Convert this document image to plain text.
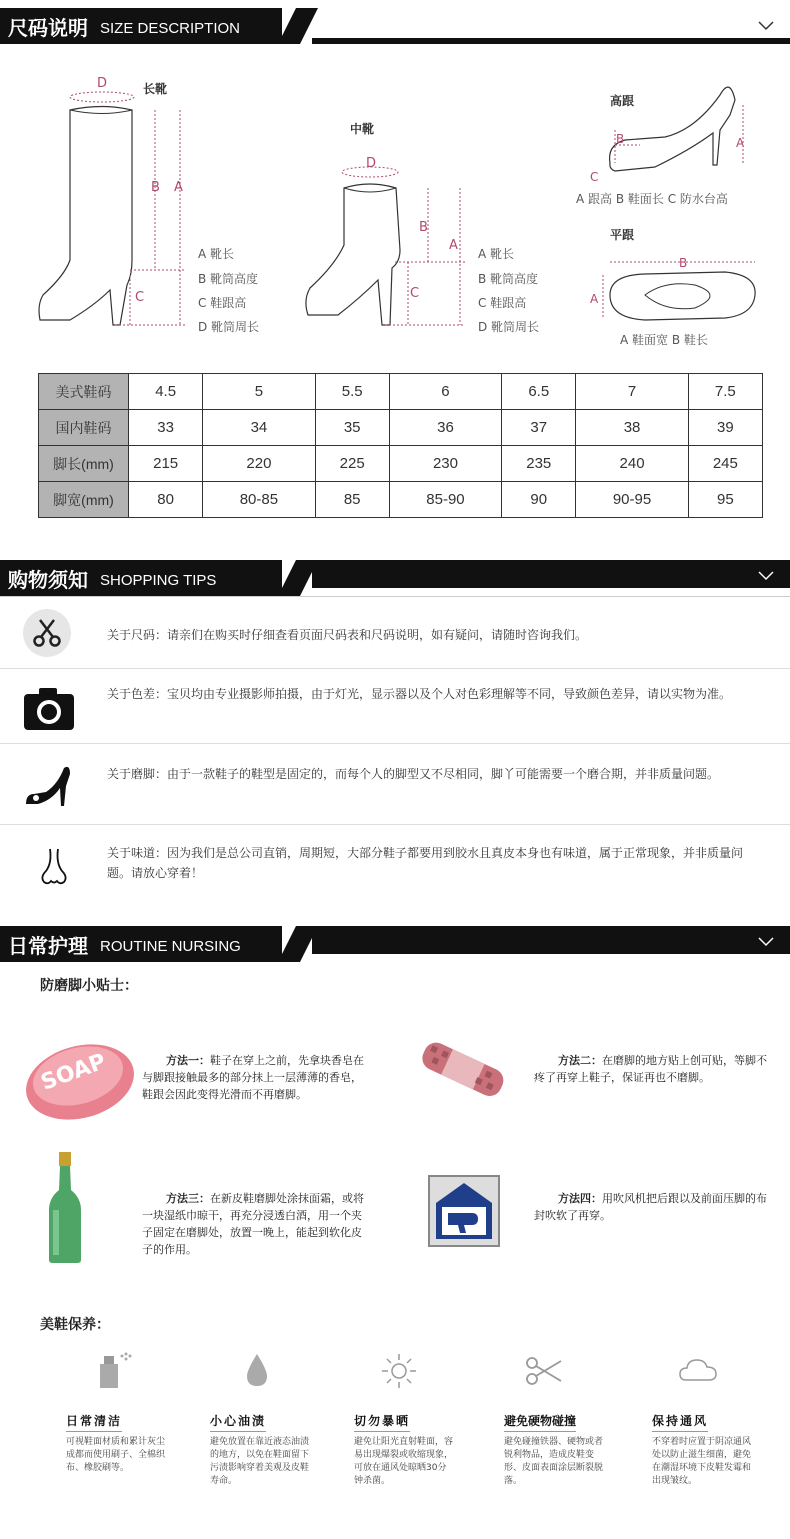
尺码说明 SIZE DESCRIPTION
长靴
D
B A
C
A 靴长
B 靴筒高度
C 鞋跟高
D 靴筒周长
中靴
D
B
A
C
A 靴长
B 靴筒高度
C 鞋跟高
D 靴筒周长
高跟
B	A
C
A 跟高 B 鞋面长 C 防水台高
平跟
B
A
A 鞋面宽 B 鞋长
美式鞋码	4.5	5	5.5	6	6.5	7	7.5
国内鞋码	33	34	35	36	37	38	39
脚长(mm)	215	220	225	230	235	240	245
脚宽(mm)	80	80-85	85	85-90	90	90-95	95
购物须知 SHOPPING TIPS
关于尺码：请亲们在购买时仔细查看页面尺码表和尺码说明，如有疑问，请随时咨询我们。
关于色差：宝贝均由专业摄影师拍摄，由于灯光，显示器以及个人对色彩理解等不同，导致颜色差异，请以实物为准。
关于磨脚：由于一款鞋子的鞋型是固定的，而每个人的脚型又不尽相同，脚丫可能需要一个磨合期，并非质量问题。
关于味道：因为我们是总公司直销，周期短，大部分鞋子都要用到胶水且真皮本身也有味道，属于正常现象，并非质量问题。请放心穿着！
日常护理 ROUTINE NURSING
防磨脚小贴士：
SOAP	方法一：鞋子在穿上之前，先拿块香皂在与脚跟接触最多的部分抹上一层薄薄的香皂，鞋跟会因此变得光滑而不再磨脚。
方法二：在磨脚的地方贴上创可贴，等脚不疼了再穿上鞋子，保证再也不磨脚。
方法三：在新皮鞋磨脚处涂抹面霜，或将一块湿纸巾晾干，再充分浸透白酒，用一个夹子固定在磨脚处，放置一晚上，能起到软化皮子的作用。
方法四：用吹风机把后跟以及前面压脚的布封吹软了再穿。
美鞋保养：
日常清洁
可视鞋面材质和累计灰尘成都而使用刷子、全棉织布、橡胶刷等。
小心油渍
避免放置在靠近液态油渍的地方，以免在鞋面留下污渍影响穿着美观及皮鞋寿命。
切勿暴晒
避免让阳光直射鞋面，容易出现爆裂或收缩现象，可放在通风处晾晒30分钟杀菌。
避免硬物碰撞
避免碰撞铁器、硬物或者锐利物品，造成皮鞋变形、皮面表面涂层断裂脱落。
保持通风
不穿着时应置于阴凉通风处以防止滋生细菌，避免在潮湿环境下皮鞋发霉和出现皱纹。
